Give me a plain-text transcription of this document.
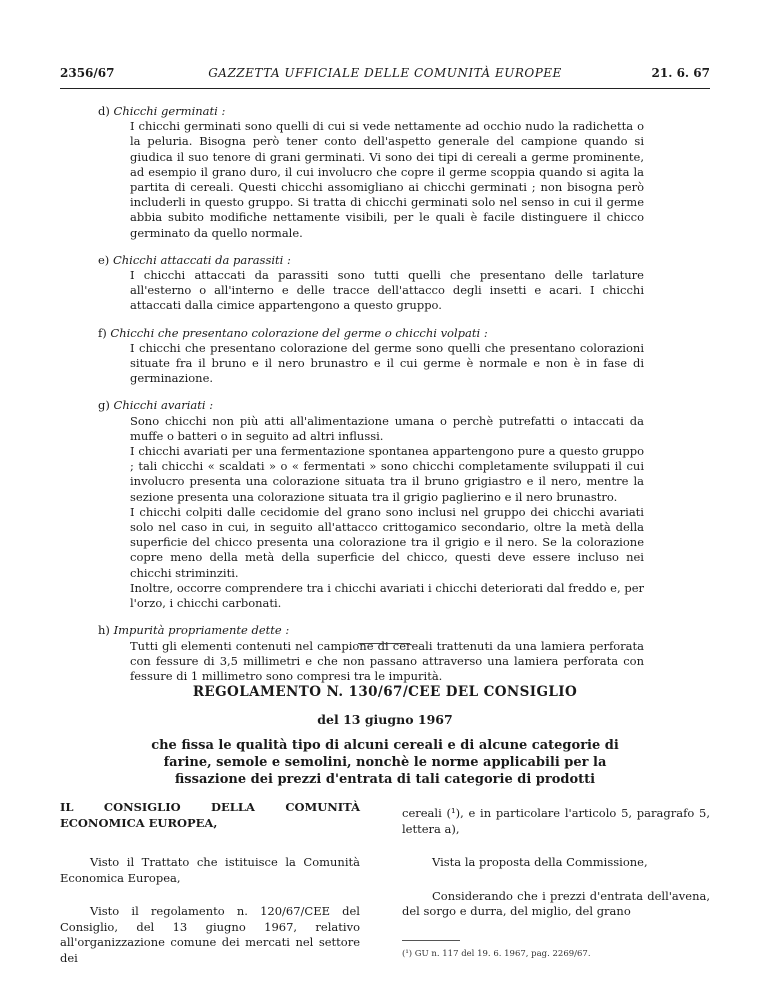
2356/67	GAZZETTA UFFICIALE DELLE COMUNITÀ EUROPEE	21. 6. 67
d) Chicchi germinati :

I chicchi germinati sono quelli di cui si vede nettamente ad occhio nudo la radichetta o la peluria. Bisogna però tener conto dell'aspetto generale del campione quando si giudica il suo tenore di grani germinati. Vi sono dei tipi di cereali a germe prominente, ad esempio il grano duro, il cui involucro che copre il germe scoppia quando si agita la partita di cereali. Questi chicchi assomigliano ai chicchi germinati ; non bisogna però includerli in questo gruppo. Si tratta di chicchi germinati solo nel senso in cui il germe abbia subito modifiche nettamente visibili, per le quali è facile distinguere il chicco germinato da quello normale.

e) Chicchi attaccati da parassiti :

I chicchi attaccati da parassiti sono tutti quelli che presentano delle tarlature all'esterno o all'interno e delle tracce dell'attacco degli insetti e acari. I chicchi attaccati dalla cimice appartengono a questo gruppo.

f) Chicchi che presentano colorazione del germe o chicchi volpati :

I chicchi che presentano colorazione del germe sono quelli che presentano colorazioni situate fra il bruno e il nero brunastro e il cui germe è normale e non è in fase di germinazione.

g) Chicchi avariati :

Sono chicchi non più atti all'alimentazione umana o perchè putrefatti o intaccati da muffe o batteri o in seguito ad altri influssi.

I chicchi avariati per una fermentazione spontanea appartengono pure a questo gruppo ; tali chicchi « scaldati » o « fermentati » sono chicchi completamente sviluppati il cui involucro presenta una colorazione situata tra il bruno grigiastro e il nero, mentre la sezione presenta una colorazione situata tra il grigio paglierino e il nero brunastro.

I chicchi colpiti dalle cecidomie del grano sono inclusi nel gruppo dei chicchi avariati solo nel caso in cui, in seguito all'attacco crittogamico secondario, oltre la metà della superficie del chicco presenta una colorazione tra il grigio e il nero. Se la colorazione copre meno della metà della superficie del chicco, questi deve essere incluso nei chicchi striminziti.

Inoltre, occorre comprendere tra i chicchi avariati i chicchi deteriorati dal freddo e, per l'orzo, i chicchi carbonati.

h) Impurità propriamente dette :

Tutti gli elementi contenuti nel campione di cereali trattenuti da una lamiera perforata con fessure di 3,5 millimetri e che non passano attraverso una lamiera perforata con fessure di 1 millimetro sono compresi tra le impurità.

REGOLAMENTO N. 130/67/CEE DEL CONSIGLIO
del 13 giugno 1967
che fissa le qualità tipo di alcuni cereali e di alcune categorie di farine, semole e semolini, nonchè le norme applicabili per la fissazione dei prezzi d'entrata di tali categorie di prodotti

IL CONSIGLIO DELLA COMUNITÀ ECONOMICA EUROPEA,

Visto il Trattato che istituisce la Comunità Economica Europea,

Visto il regolamento n. 120/67/CEE del Consiglio, del 13 giugno 1967, relativo all'organizzazione comune dei mercati nel settore dei

cereali (¹), e in particolare l'articolo 5, paragrafo 5, lettera a),

Vista la proposta della Commissione,

Considerando che i prezzi d'entrata dell'avena, del sorgo e durra, del miglio, del grano

(¹) GU n. 117 del 19. 6. 1967, pag. 2269/67.
